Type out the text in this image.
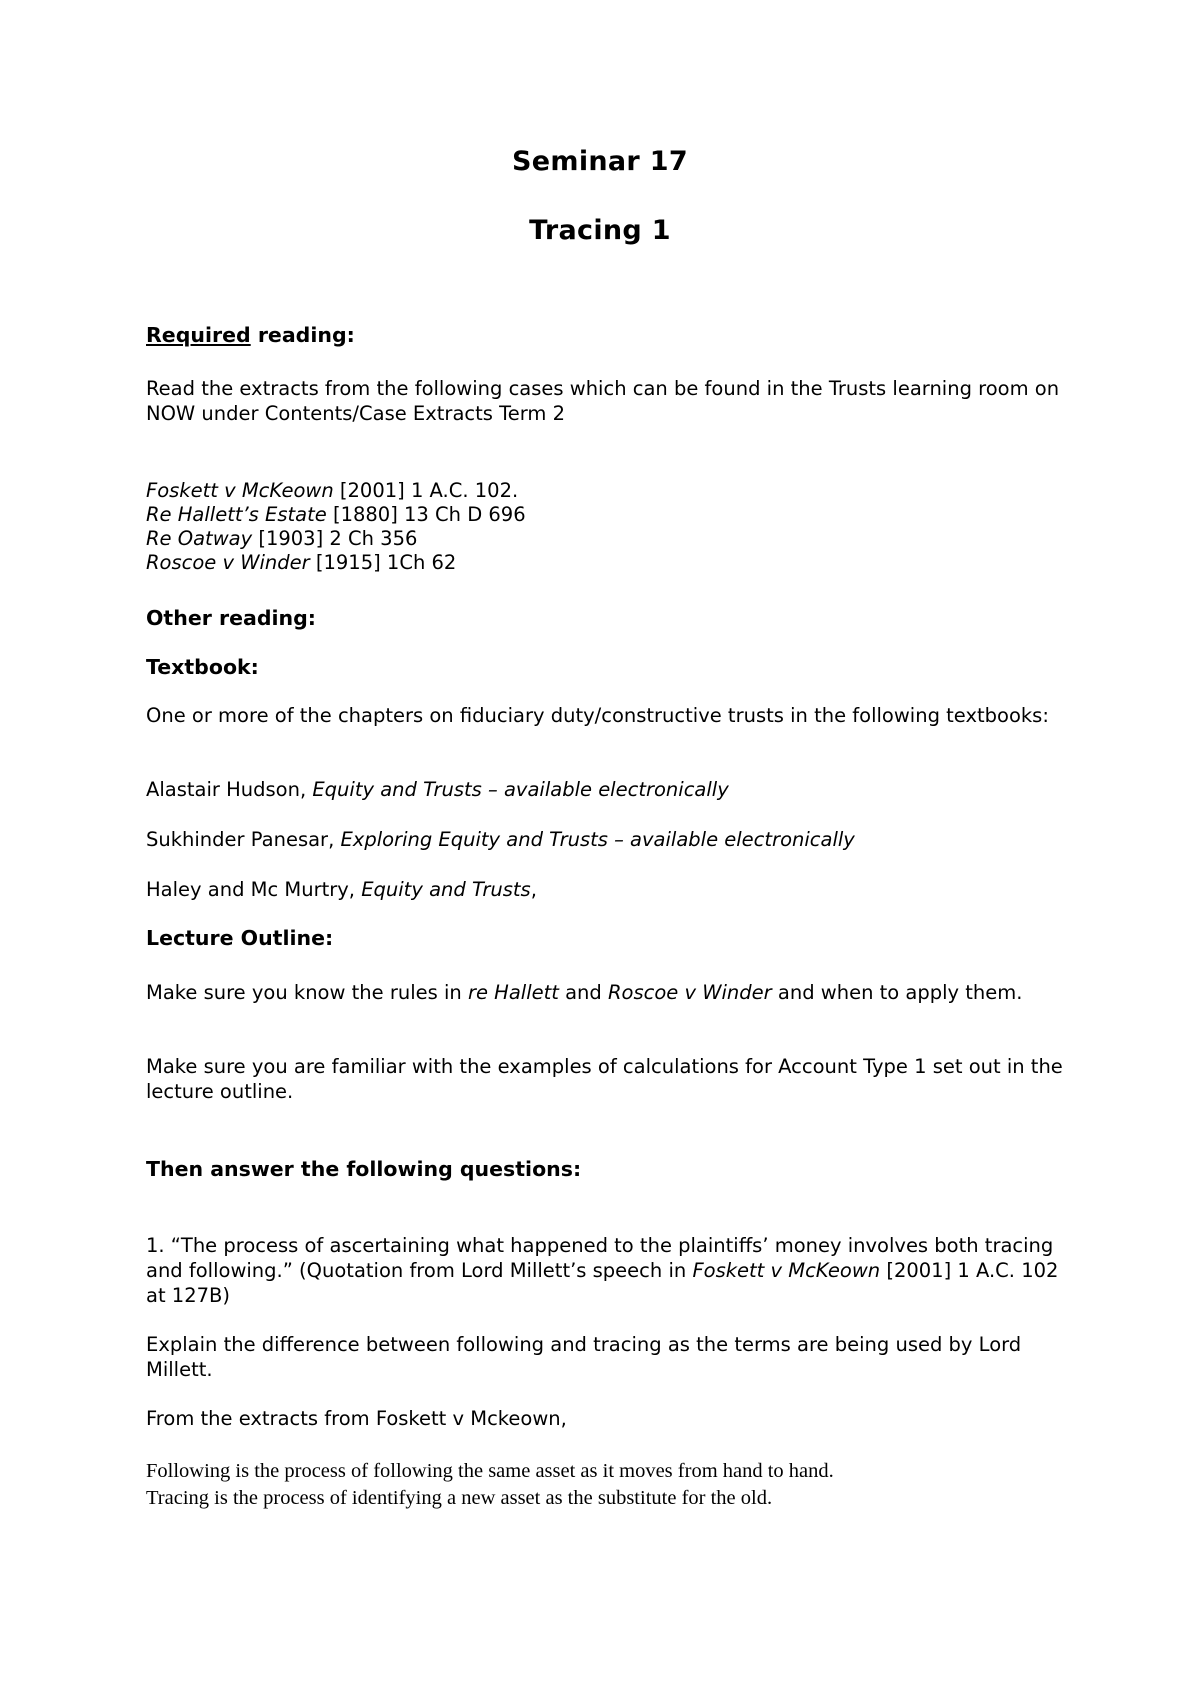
Seminar 17
Tracing 1
Required reading:
Read the extracts from the following cases which can be found in the Trusts learning room on NOW under Contents/Case Extracts Term 2
Foskett v McKeown [2001] 1 A.C. 102.
Re Hallett’s Estate [1880] 13 Ch D 696
Re Oatway [1903] 2 Ch 356
Roscoe v Winder [1915] 1Ch 62
Other reading:
Textbook:
One or more of the chapters on fiduciary duty/constructive trusts in the following textbooks:
Alastair Hudson, Equity and Trusts – available electronically
Sukhinder Panesar, Exploring Equity and Trusts – available electronically
Haley and Mc Murtry, Equity and Trusts,
Lecture Outline:
Make sure you know the rules in re Hallett and Roscoe v Winder and when to apply them.
Make sure you are familiar with the examples of calculations for Account Type 1 set out in the lecture outline.
Then answer the following questions:
1. “The process of ascertaining what happened to the plaintiffs’ money involves both tracing and following.” (Quotation from Lord Millett’s speech in Foskett v McKeown [2001] 1 A.C. 102 at 127B)
Explain the difference between following and tracing as the terms are being used by Lord Millett.
From the extracts from Foskett v Mckeown,
Following is the process of following the same asset as it moves from hand to hand.
Tracing is the process of identifying a new asset as the substitute for the old.
